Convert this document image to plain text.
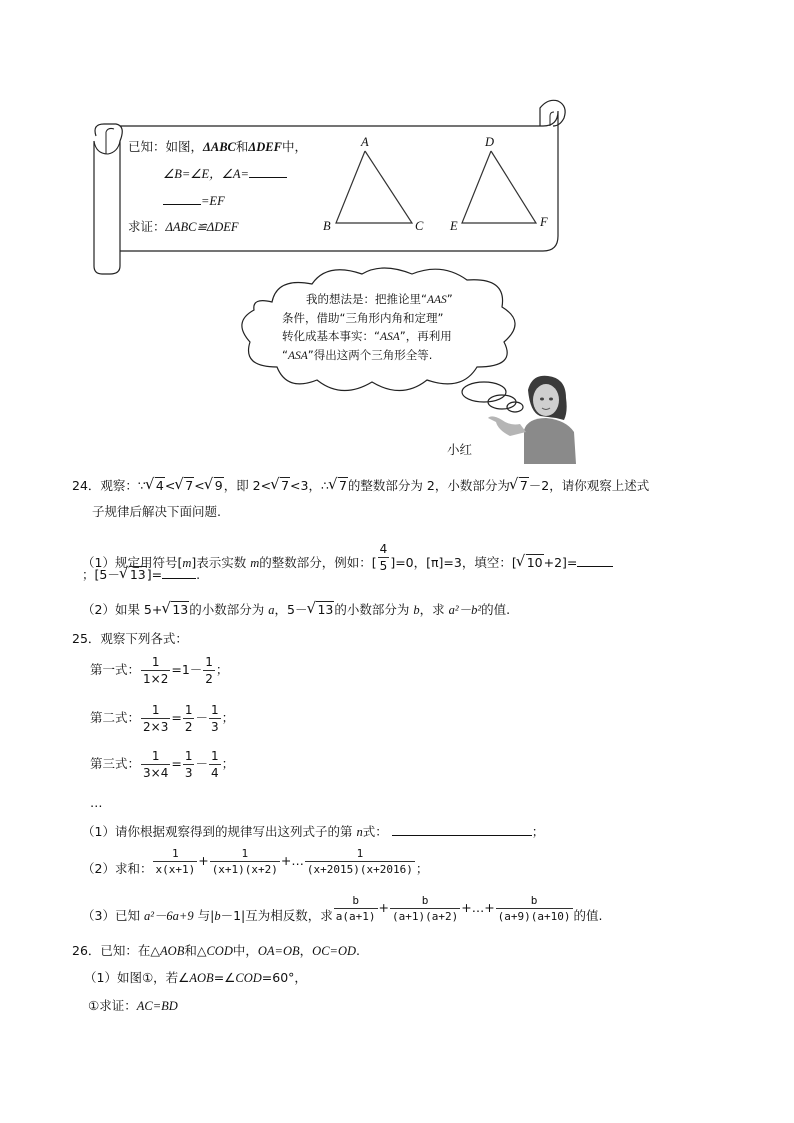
已知：如图，ΔABC和ΔDEF中，
∠B=∠E，∠A=
=EF
求证：ΔABC≌ΔDEF
A
B	C
D
E	F
我的想法是：把推论里“AAS”
条件，借助“三角形内角和定理”
转化成基本事实：“ASA”，再利用
“ASA”得出这两个三角形全等.
小红
24．观察：∵ √ 4< √ 7< √ 9，即 2< √ 7<3，∴ √ 7的整数部分为 2，小数部分为 √ 7－2，请你观察上述式
子规律后解决下面问题.
（1）规定用符号[m]表示实数 m的整数部分，例如：[ $\frac{4}{5} ]=0$，[π]=3，填空：[ √ 10+2]=
；[5－ √ 13]=	.
（2）如果 5+ √ 13的小数部分为 a，5－ √ 13的小数部分为 b，求 a²－b²的值.
25．观察下列各式：
第一式： $\frac{1}{1\times 2} =1- \frac{1}{2}$ ；
第二式： $\frac{1}{2\times 3} = \frac{1}{2} - \frac{1}{3}$ ；
第三式： $\frac{1}{3\times 4} = \frac{1}{3} - \frac{1}{4}$ ；
…
（1）请你根据观察得到的规律写出这列式子的第 n式：	；
（2）求和： $\frac{1}{x(x+1)} + \frac{1}{(x+1)(x+2)}$ +… $\frac{1}{(x+2015)(x+2016)}$ ；
（3）已知 a²－6a+9 与|b－1|互为相反数，求 $\frac{b}{a(a+1)} + \frac{b}{(a+1)(a+2)}$ +…+ $\frac{b}{(a+9)(a+10)}$ 的值.
26．已知：在△AOB和△COD中，OA=OB，OC=OD.
（1）如图①，若∠AOB=∠COD=60°，
①求证：AC=BD
